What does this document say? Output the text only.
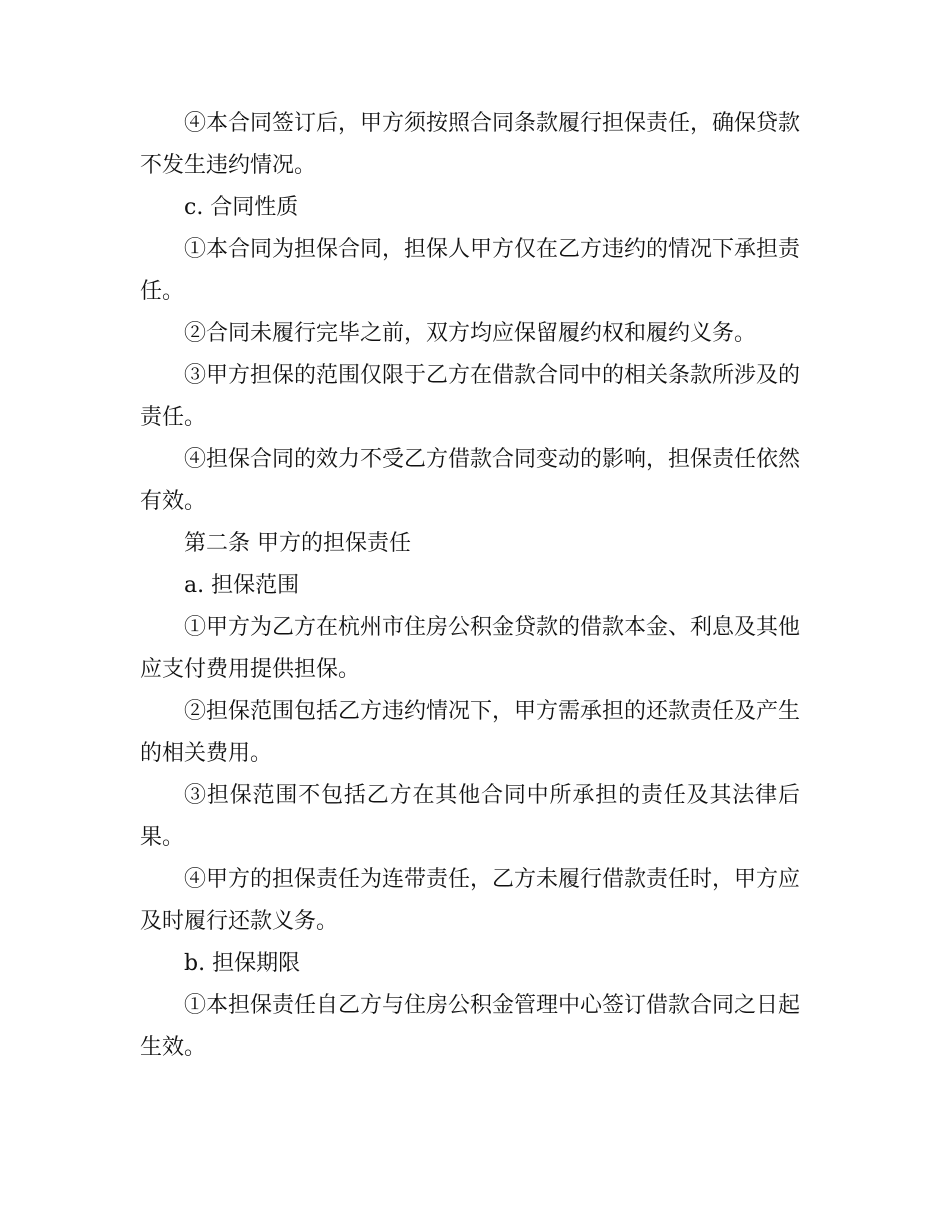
④本合同签订后，甲方须按照合同条款履行担保责任，确保贷款不发生违约情况。

c. 合同性质

①本合同为担保合同，担保人甲方仅在乙方违约的情况下承担责任。

②合同未履行完毕之前，双方均应保留履约权和履约义务。

③甲方担保的范围仅限于乙方在借款合同中的相关条款所涉及的责任。

④担保合同的效力不受乙方借款合同变动的影响，担保责任依然有效。

第二条 甲方的担保责任

a. 担保范围

①甲方为乙方在杭州市住房公积金贷款的借款本金、利息及其他应支付费用提供担保。

②担保范围包括乙方违约情况下，甲方需承担的还款责任及产生的相关费用。

③担保范围不包括乙方在其他合同中所承担的责任及其法律后果。

④甲方的担保责任为连带责任，乙方未履行借款责任时，甲方应及时履行还款义务。

b. 担保期限

①本担保责任自乙方与住房公积金管理中心签订借款合同之日起生效。
